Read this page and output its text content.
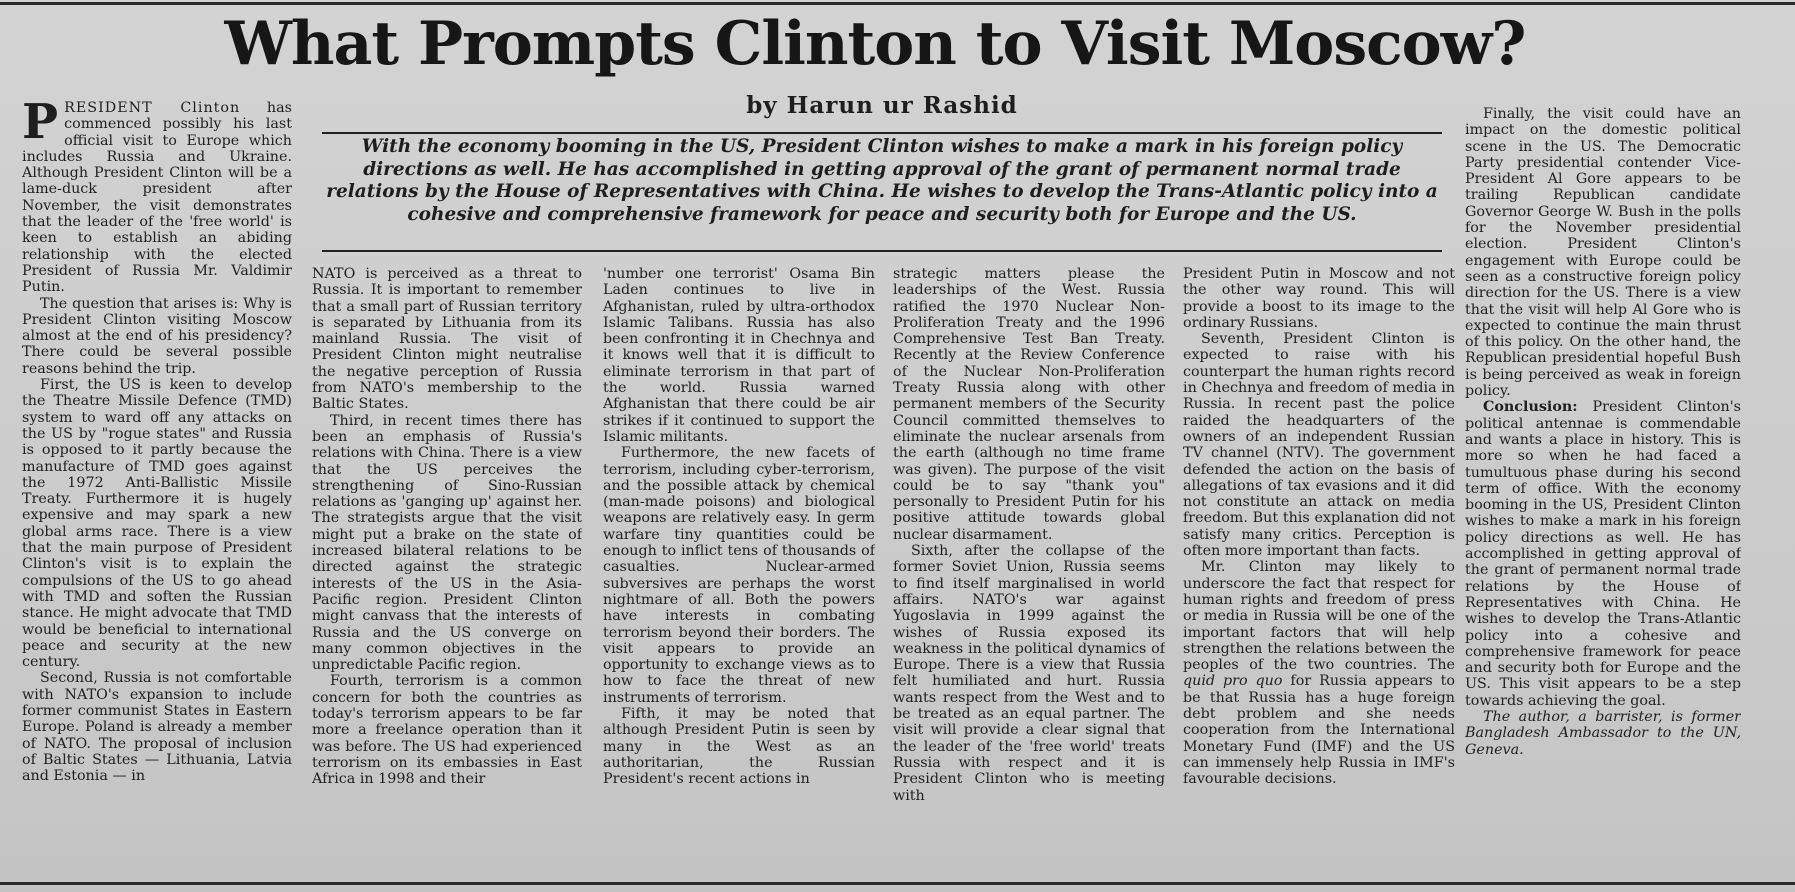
What Prompts Clinton to Visit Moscow?
by Harun ur Rashid

With the economy booming in the US, President Clinton wishes to make a mark in his foreign policy directions as well. He has accomplished in getting approval of the grant of permanent normal trade relations by the House of Representatives with China. He wishes to develop the Trans-Atlantic policy into a cohesive and comprehensive framework for peace and security both for Europe and the US.

PRESIDENT Clinton has commenced possibly his last official visit to Europe which includes Russia and Ukraine. Although President Clinton will be a lame-duck president after November, the visit demonstrates that the leader of the 'free world' is keen to establish an abiding relationship with the elected President of Russia Mr. Valdimir Putin.

The question that arises is: Why is President Clinton visiting Moscow almost at the end of his presidency? There could be several possible reasons behind the trip.

First, the US is keen to develop the Theatre Missile Defence (TMD) system to ward off any attacks on the US by "rogue states" and Russia is opposed to it partly because the manufacture of TMD goes against the 1972 Anti-Ballistic Missile Treaty. Furthermore it is hugely expensive and may spark a new global arms race. There is a view that the main purpose of President Clinton's visit is to explain the compulsions of the US to go ahead with TMD and soften the Russian stance. He might advocate that TMD would be beneficial to international peace and security at the new century.

Second, Russia is not comfortable with NATO's expansion to include former communist States in Eastern Europe. Poland is already a member of NATO. The proposal of inclusion of Baltic States — Lithuania, Latvia and Estonia — in

NATO is perceived as a threat to Russia. It is important to remember that a small part of Russian territory is separated by Lithuania from its mainland Russia. The visit of President Clinton might neutralise the negative perception of Russia from NATO's membership to the Baltic States.

Third, in recent times there has been an emphasis of Russia's relations with China. There is a view that the US perceives the strengthening of Sino-Russian relations as 'ganging up' against her. The strategists argue that the visit might put a brake on the state of increased bilateral relations to be directed against the strategic interests of the US in the Asia-Pacific region. President Clinton might canvass that the interests of Russia and the US converge on many common objectives in the unpredictable Pacific region.

Fourth, terrorism is a common concern for both the countries as today's terrorism appears to be far more a freelance operation than it was before. The US had experienced terrorism on its embassies in East Africa in 1998 and their

'number one terrorist' Osama Bin Laden continues to live in Afghanistan, ruled by ultra-orthodox Islamic Talibans. Russia has also been confronting it in Chechnya and it knows well that it is difficult to eliminate terrorism in that part of the world. Russia warned Afghanistan that there could be air strikes if it continued to support the Islamic militants.

Furthermore, the new facets of terrorism, including cyber-terrorism, and the possible attack by chemical (man-made poisons) and biological weapons are relatively easy. In germ warfare tiny quantities could be enough to inflict tens of thousands of casualties. Nuclear-armed subversives are perhaps the worst nightmare of all. Both the powers have interests in combating terrorism beyond their borders. The visit appears to provide an opportunity to exchange views as to how to face the threat of new instruments of terrorism.

Fifth, it may be noted that although President Putin is seen by many in the West as an authoritarian, the Russian President's recent actions in

strategic matters please the leaderships of the West. Russia ratified the 1970 Nuclear Non-Proliferation Treaty and the 1996 Comprehensive Test Ban Treaty. Recently at the Review Conference of the Nuclear Non-Proliferation Treaty Russia along with other permanent members of the Security Council committed themselves to eliminate the nuclear arsenals from the earth (although no time frame was given). The purpose of the visit could be to say "thank you" personally to President Putin for his positive attitude towards global nuclear disarmament.

Sixth, after the collapse of the former Soviet Union, Russia seems to find itself marginalised in world affairs. NATO's war against Yugoslavia in 1999 against the wishes of Russia exposed its weakness in the political dynamics of Europe. There is a view that Russia felt humiliated and hurt. Russia wants respect from the West and to be treated as an equal partner. The visit will provide a clear signal that the leader of the 'free world' treats Russia with respect and it is President Clinton who is meeting with

President Putin in Moscow and not the other way round. This will provide a boost to its image to the ordinary Russians.

Seventh, President Clinton is expected to raise with his counterpart the human rights record in Chechnya and freedom of media in Russia. In recent past the police raided the headquarters of the owners of an independent Russian TV channel (NTV). The government defended the action on the basis of allegations of tax evasions and it did not constitute an attack on media freedom. But this explanation did not satisfy many critics. Perception is often more important than facts.

Mr. Clinton may likely to underscore the fact that respect for human rights and freedom of press or media in Russia will be one of the important factors that will help strengthen the relations between the peoples of the two countries. The quid pro quo for Russia appears to be that Russia has a huge foreign debt problem and she needs cooperation from the International Monetary Fund (IMF) and the US can immensely help Russia in IMF's favourable decisions.

Finally, the visit could have an impact on the domestic political scene in the US. The Democratic Party presidential contender Vice-President Al Gore appears to be trailing Republican candidate Governor George W. Bush in the polls for the November presidential election. President Clinton's engagement with Europe could be seen as a constructive foreign policy direction for the US. There is a view that the visit will help Al Gore who is expected to continue the main thrust of this policy. On the other hand, the Republican presidential hopeful Bush is being perceived as weak in foreign policy.

Conclusion: President Clinton's political antennae is commendable and wants a place in history. This is more so when he had faced a tumultuous phase during his second term of office. With the economy booming in the US, President Clinton wishes to make a mark in his foreign policy directions as well. He has accomplished in getting approval of the grant of permanent normal trade relations by the House of Representatives with China. He wishes to develop the Trans-Atlantic policy into a cohesive and comprehensive framework for peace and security both for Europe and the US. This visit appears to be a step towards achieving the goal.

The author, a barrister, is former Bangladesh Ambassador to the UN, Geneva.
